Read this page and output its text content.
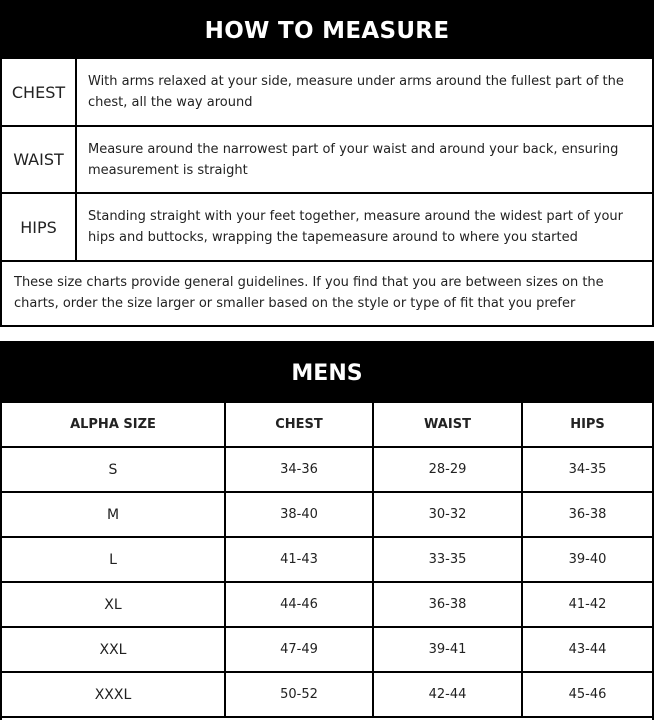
HOW TO MEASURE
CHEST
With arms relaxed at your side, measure under arms around the fullest part of the chest, all the way around
WAIST
Measure around the narrowest part of your waist and around your back, ensuring measurement is straight
HIPS
Standing straight with your feet together, measure around the widest part of your hips and buttocks, wrapping the tapemeasure around to where you started
These size charts provide general guidelines. If you find that you are between sizes on the charts, order the size larger or smaller based on the style or type of fit that you prefer
MENS
ALPHA SIZE	CHEST	WAIST	HIPS
S	34-36	28-29	34-35
M	38-40	30-32	36-38
L	41-43	33-35	39-40
XL	44-46	36-38	41-42
XXL	47-49	39-41	43-44
XXXL	50-52	42-44	45-46
